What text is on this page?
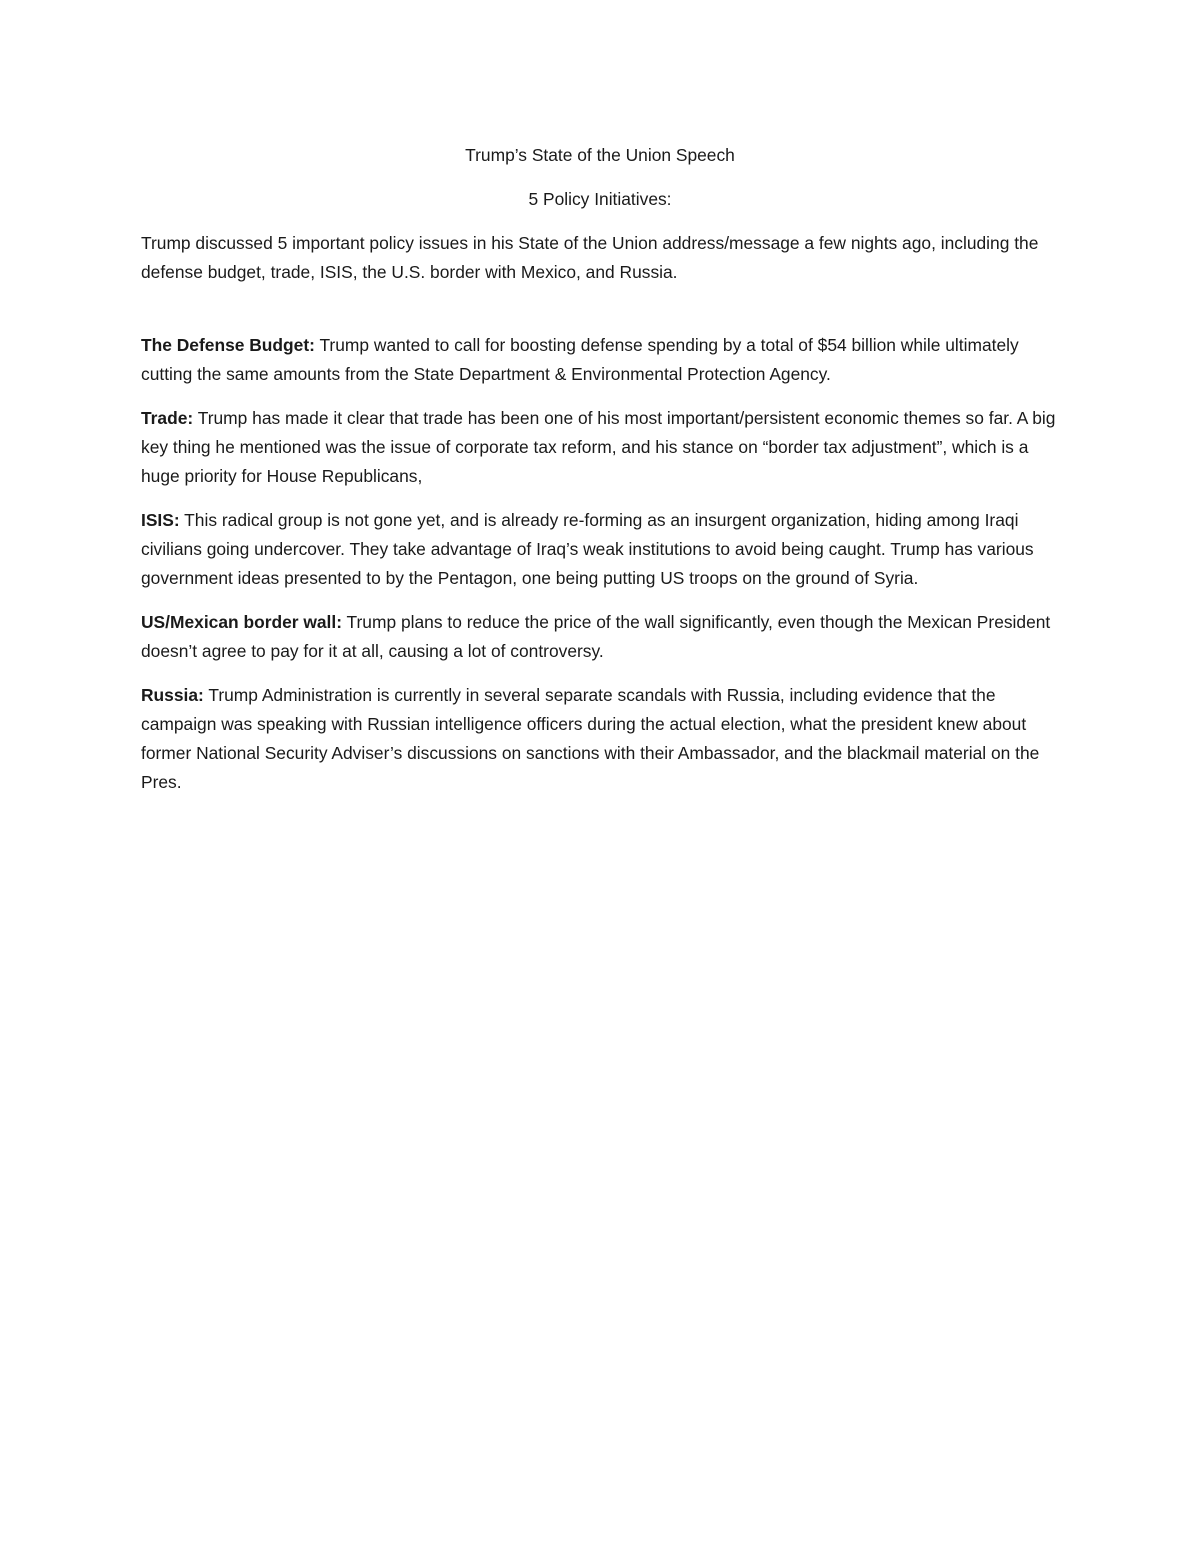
Trump’s State of the Union Speech

5 Policy Initiatives:

Trump discussed 5 important policy issues in his State of the Union address/message a few nights ago, including the defense budget, trade, ISIS, the U.S. border with Mexico, and Russia.

The Defense Budget: Trump wanted to call for boosting defense spending by a total of $54 billion while ultimately cutting the same amounts from the State Department & Environmental Protection Agency.

Trade: Trump has made it clear that trade has been one of his most important/persistent economic themes so far. A big key thing he mentioned was the issue of corporate tax reform, and his stance on “border tax adjustment”, which is a huge priority for House Republicans,

ISIS: This radical group is not gone yet, and is already re-forming as an insurgent organization, hiding among Iraqi civilians going undercover. They take advantage of Iraq’s weak institutions to avoid being caught. Trump has various government ideas presented to by the Pentagon, one being putting US troops on the ground of Syria.

US/Mexican border wall: Trump plans to reduce the price of the wall significantly, even though the Mexican President doesn’t agree to pay for it at all, causing a lot of controversy.

Russia: Trump Administration is currently in several separate scandals with Russia, including evidence that the campaign was speaking with Russian intelligence officers during the actual election, what the president knew about former National Security Adviser’s discussions on sanctions with their Ambassador, and the blackmail material on the Pres.
